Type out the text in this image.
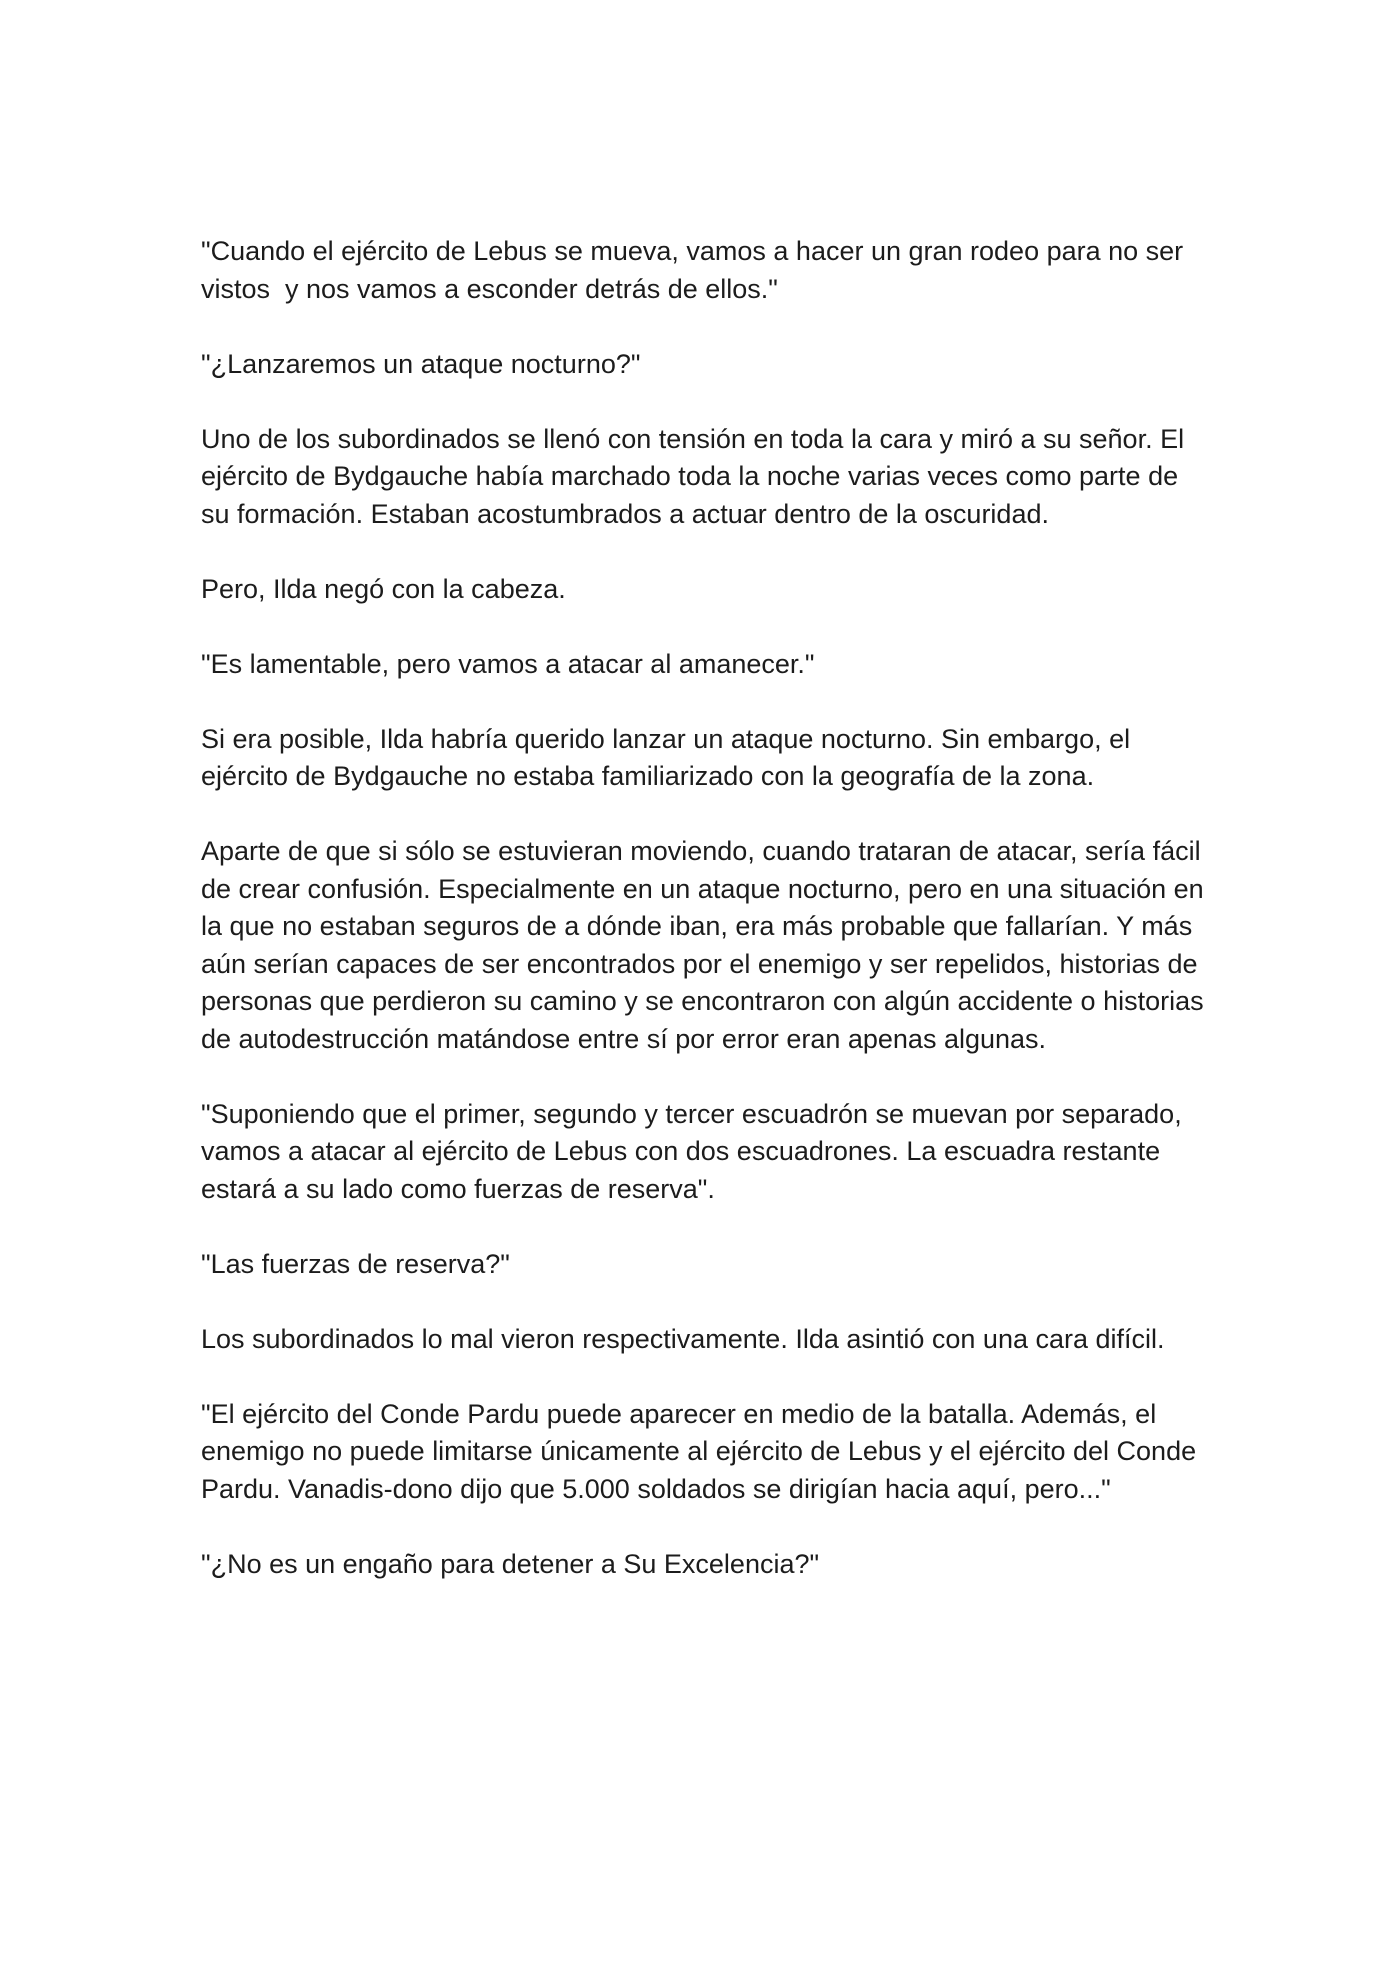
"Cuando el ejército de Lebus se mueva, vamos a hacer un gran rodeo para no ser vistos  y nos vamos a esconder detrás de ellos."

"¿Lanzaremos un ataque nocturno?"

Uno de los subordinados se llenó con tensión en toda la cara y miró a su señor. El ejército de Bydgauche había marchado toda la noche varias veces como parte de su formación. Estaban acostumbrados a actuar dentro de la oscuridad.

Pero, Ilda negó con la cabeza.

"Es lamentable, pero vamos a atacar al amanecer."

Si era posible, Ilda habría querido lanzar un ataque nocturno. Sin embargo, el ejército de Bydgauche no estaba familiarizado con la geografía de la zona.

Aparte de que si sólo se estuvieran moviendo, cuando trataran de atacar, sería fácil de crear confusión. Especialmente en un ataque nocturno, pero en una situación en la que no estaban seguros de a dónde iban, era más probable que fallarían. Y más aún serían capaces de ser encontrados por el enemigo y ser repelidos, historias de personas que perdieron su camino y se encontraron con algún accidente o historias de autodestrucción matándose entre sí por error eran apenas algunas.

"Suponiendo que el primer, segundo y tercer escuadrón se muevan por separado, vamos a atacar al ejército de Lebus con dos escuadrones. La escuadra restante estará a su lado como fuerzas de reserva".

"Las fuerzas de reserva?"

Los subordinados lo mal vieron respectivamente. Ilda asintió con una cara difícil.

"El ejército del Conde Pardu puede aparecer en medio de la batalla. Además, el enemigo no puede limitarse únicamente al ejército de Lebus y el ejército del Conde Pardu. Vanadis-dono dijo que 5.000 soldados se dirigían hacia aquí, pero..."

"¿No es un engaño para detener a Su Excelencia?"
